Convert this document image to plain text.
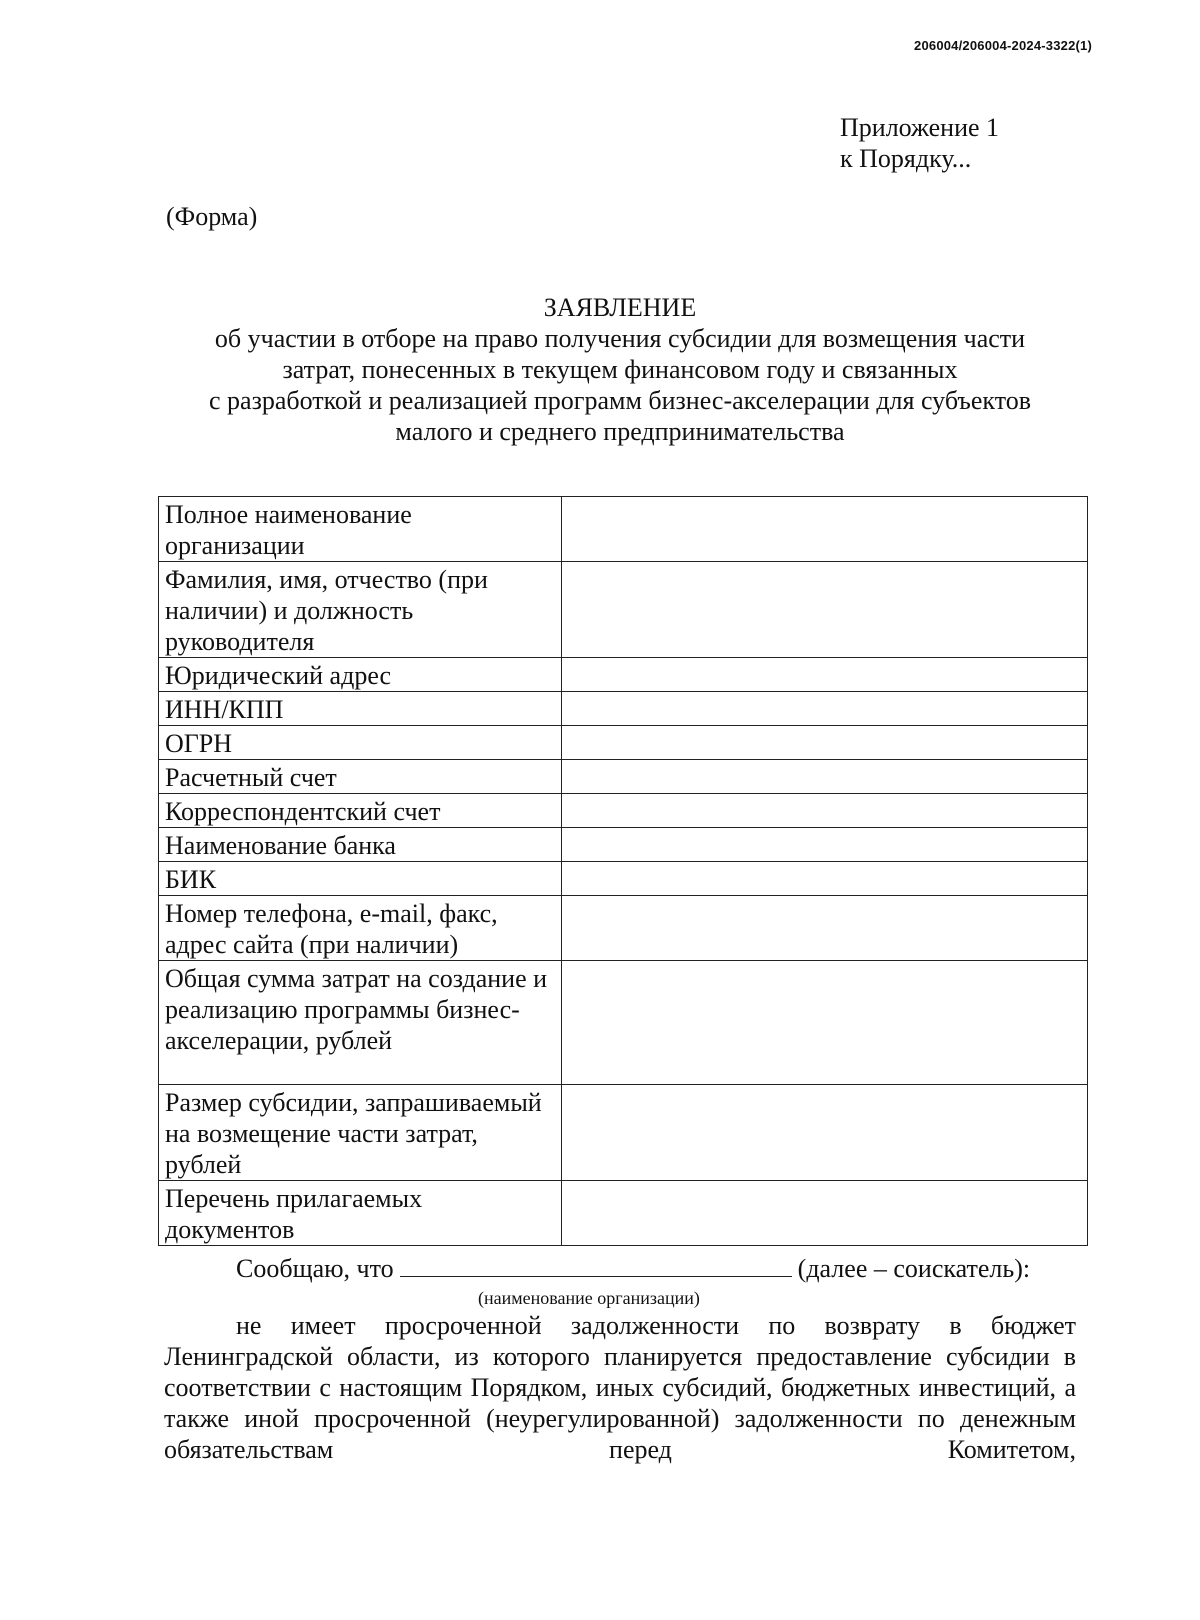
206004/206004-2024-3322(1)
Приложение 1
к Порядку...
(Форма)
ЗАЯВЛЕНИЕ
об участии в отборе на право получения субсидии для возмещения части
затрат, понесенных в текущем финансовом году и связанных
с разработкой и реализацией программ бизнес-акселерации для субъектов
малого и среднего предпринимательства
Полное наименование организации	
Фамилия, имя, отчество (при наличии) и должность руководителя	
Юридический адрес	
ИНН/КПП	
ОГРН	
Расчетный счет	
Корреспондентский счет	
Наименование банка	
БИК	
Номер телефона, e-mail, факс, адрес сайта (при наличии)	
Общая сумма затрат на создание и реализацию программы бизнес-акселерации, рублей	
Размер субсидии, запрашиваемый на возмещение части затрат, рублей	
Перечень прилагаемых документов	
Сообщаю, что	(далее – соискатель):
(наименование организации)
не имеет просроченной задолженности по возврату в бюджет Ленинградской области, из которого планируется предоставление субсидии в соответствии с настоящим Порядком, иных субсидий, бюджетных инвестиций, а также иной просроченной (неурегулированной) задолженности по денежным обязательствам перед Комитетом,
